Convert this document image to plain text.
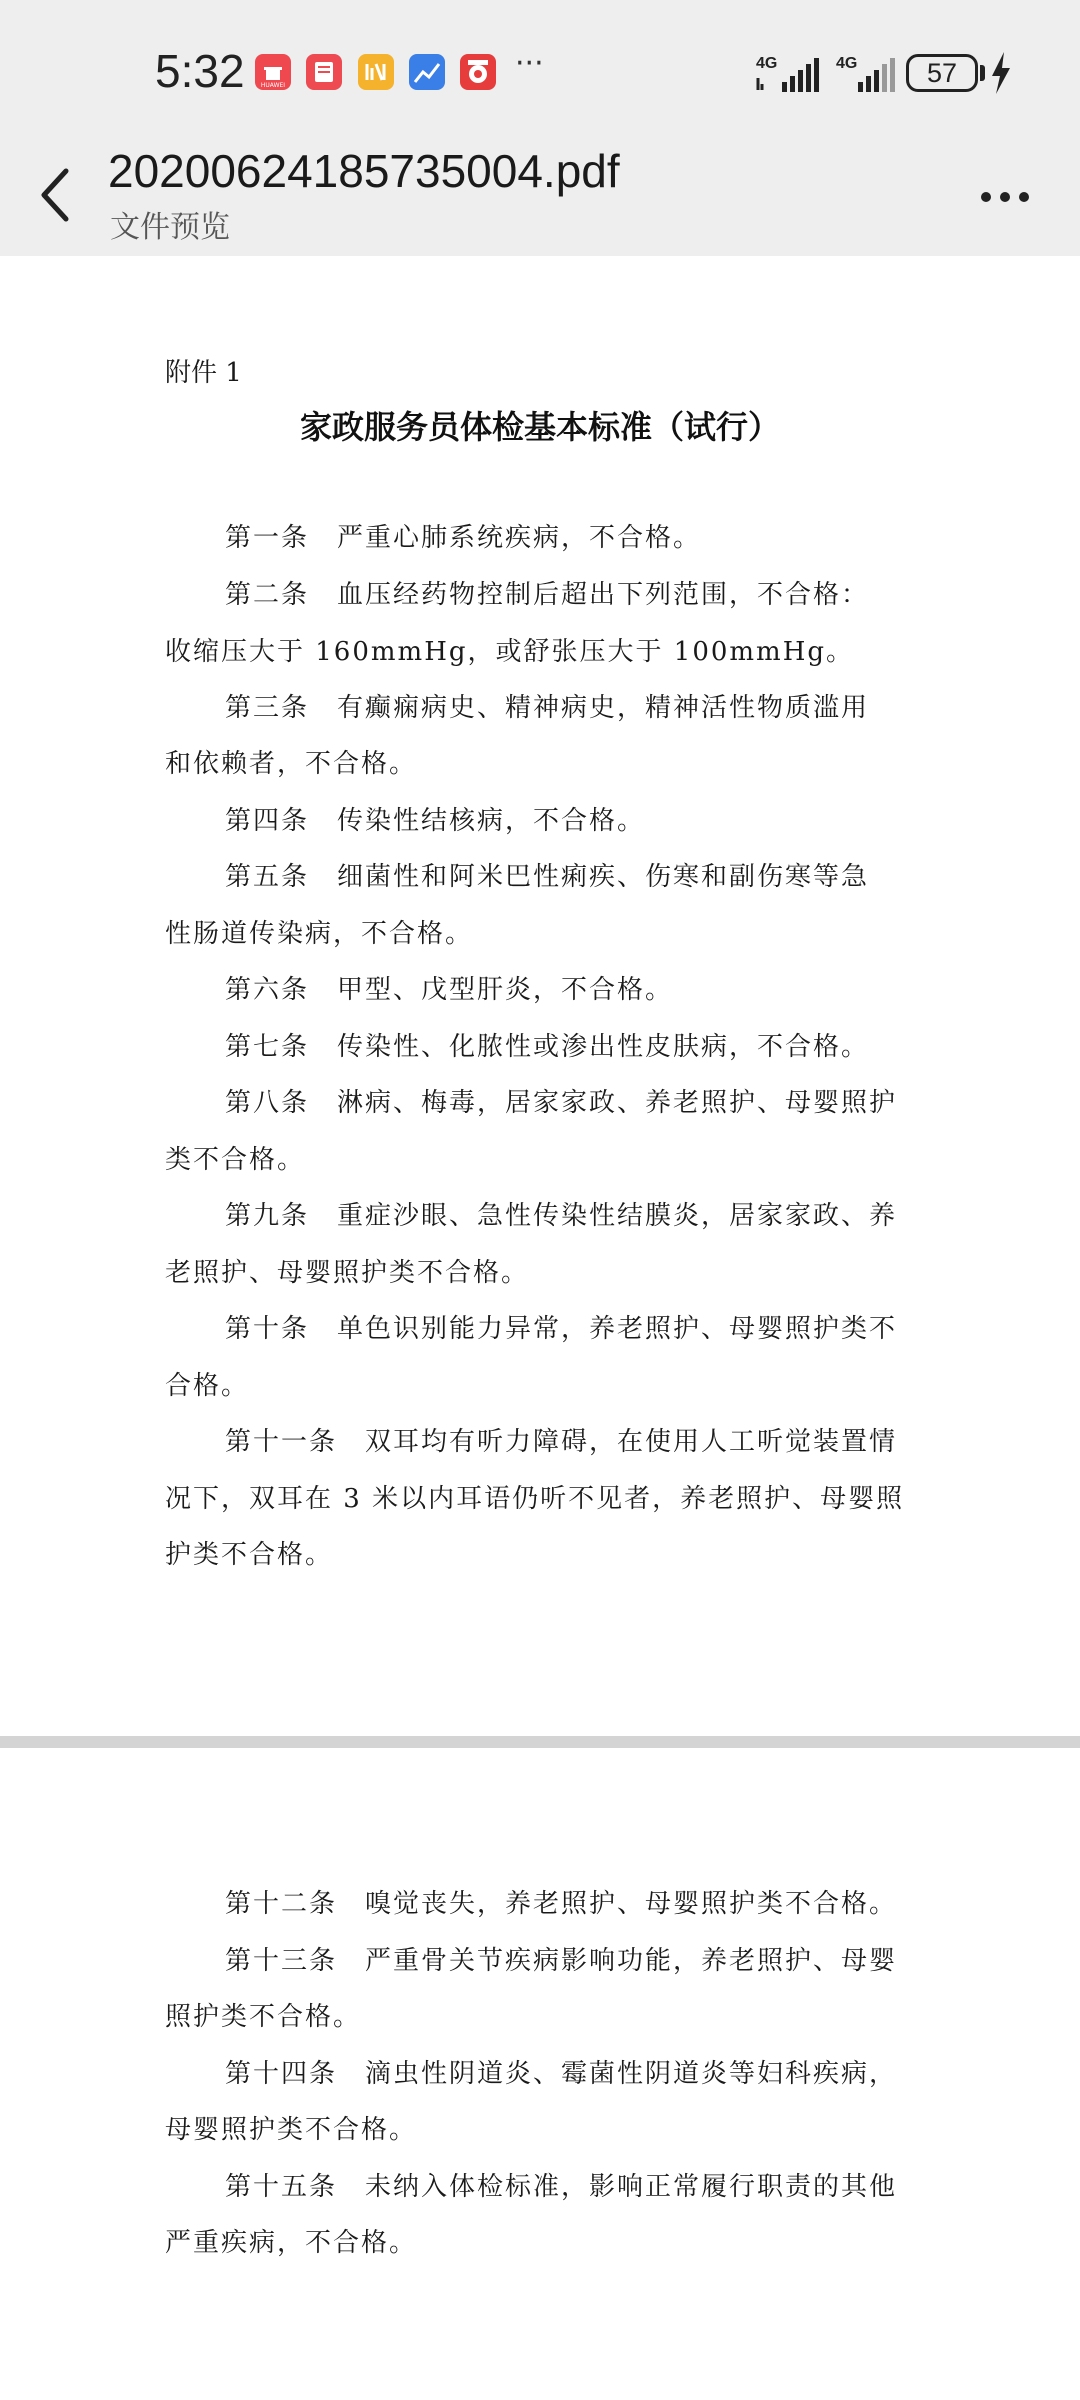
5:32	HUAWEI
···	4G	4G	57
20200624185735004.pdf
文件预览
附件 1
家政服务员体检基本标准（试行）
第一条 严重心肺系统疾病，不合格。
第二条 血压经药物控制后超出下列范围，不合格：
收缩压大于 160mmHg，或舒张压大于 100mmHg。
第三条 有癫痫病史、精神病史，精神活性物质滥用
和依赖者，不合格。
第四条 传染性结核病，不合格。
第五条 细菌性和阿米巴性痢疾、伤寒和副伤寒等急
性肠道传染病，不合格。
第六条 甲型、戊型肝炎，不合格。
第七条 传染性、化脓性或渗出性皮肤病，不合格。
第八条 淋病、梅毒，居家家政、养老照护、母婴照护
类不合格。
第九条 重症沙眼、急性传染性结膜炎，居家家政、养
老照护、母婴照护类不合格。
第十条 单色识别能力异常，养老照护、母婴照护类不
合格。
第十一条 双耳均有听力障碍，在使用人工听觉装置情
况下，双耳在 3 米以内耳语仍听不见者，养老照护、母婴照
护类不合格。
第十二条 嗅觉丧失，养老照护、母婴照护类不合格。
第十三条 严重骨关节疾病影响功能，养老照护、母婴
照护类不合格。
第十四条 滴虫性阴道炎、霉菌性阴道炎等妇科疾病，
母婴照护类不合格。
第十五条 未纳入体检标准，影响正常履行职责的其他
严重疾病，不合格。
